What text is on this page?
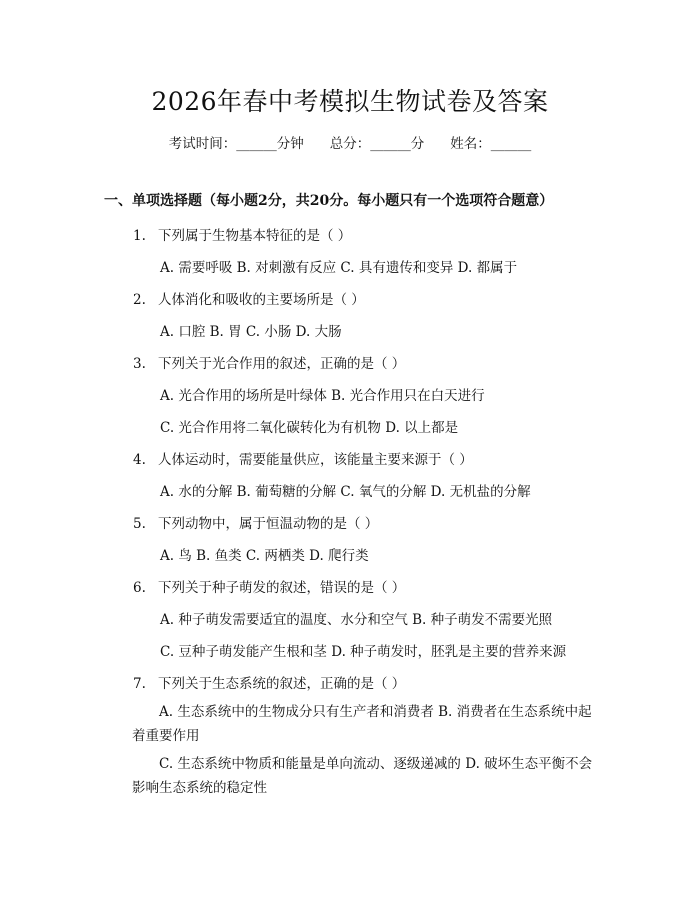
2026年春中考模拟生物试卷及答案
考试时间：______分钟 总分：______分 姓名：______
一、单项选择题（每小题2分，共20分。每小题只有一个选项符合题意）
1. 下列属于生物基本特征的是（ ）
A. 需要呼吸 B. 对刺激有反应 C. 具有遗传和变异 D. 都属于
2. 人体消化和吸收的主要场所是（ ）
A. 口腔 B. 胃 C. 小肠 D. 大肠
3. 下列关于光合作用的叙述，正确的是（ ）
A. 光合作用的场所是叶绿体 B. 光合作用只在白天进行
C. 光合作用将二氧化碳转化为有机物 D. 以上都是
4. 人体运动时，需要能量供应，该能量主要来源于（ ）
A. 水的分解 B. 葡萄糖的分解 C. 氧气的分解 D. 无机盐的分解
5. 下列动物中，属于恒温动物的是（ ）
A. 鸟 B. 鱼类 C. 两栖类 D. 爬行类
6. 下列关于种子萌发的叙述，错误的是（ ）
A. 种子萌发需要适宜的温度、水分和空气 B. 种子萌发不需要光照
C. 豆种子萌发能产生根和茎 D. 种子萌发时，胚乳是主要的营养来源
7. 下列关于生态系统的叙述，正确的是（ ）
A. 生态系统中的生物成分只有生产者和消费者 B. 消费者在生态系统中起着重要作用
C. 生态系统中物质和能量是单向流动、逐级递减的 D. 破坏生态平衡不会影响生态系统的稳定性
